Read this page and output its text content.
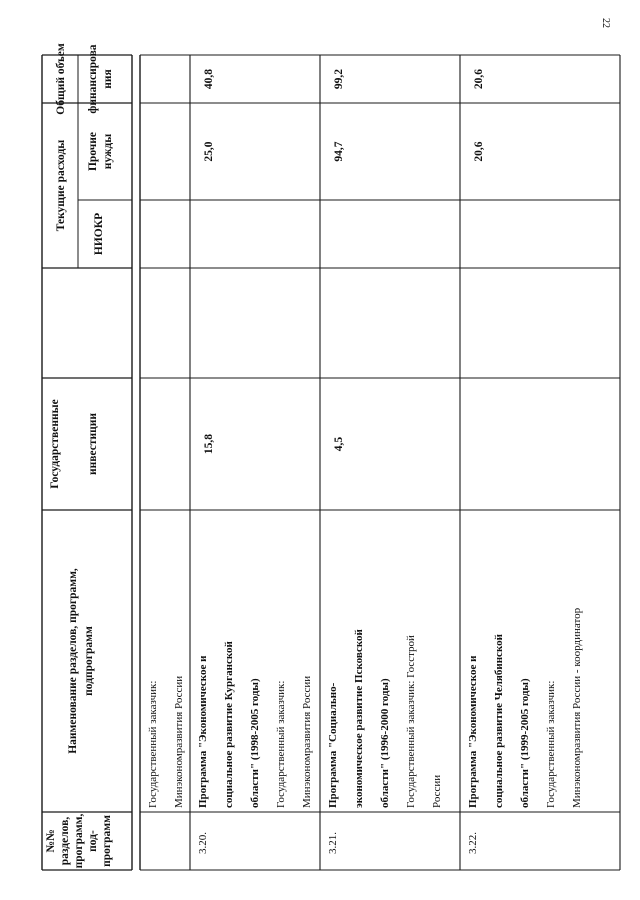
22
№№ разделов, программ, под- программ
Наименование разделов, программ, подпрограмм
Государственные инвестиции
Текущие расходы
НИОКР
Прочие нужды
Общий объем финансирова ния
Государственный заказчик: Минэкономразвития России
3.20.
Программа "Экономическое и социальное развитие Курганской области" (1998-2005 годы) Государственный заказчик: Минэкономразвития России
15,8
25,0
40,8
3.21.
Программа "Социально- экономическое развитие Псковской области" (1996-2000 годы) Государственный заказчик: Госстрой России
4,5
94,7
99,2
3.22.
Программа "Экономическое и социальное развитие Челябинской области" (1999-2005 годы) Государственный заказчик: Минэкономразвития России - координатор
20,6
20,6
